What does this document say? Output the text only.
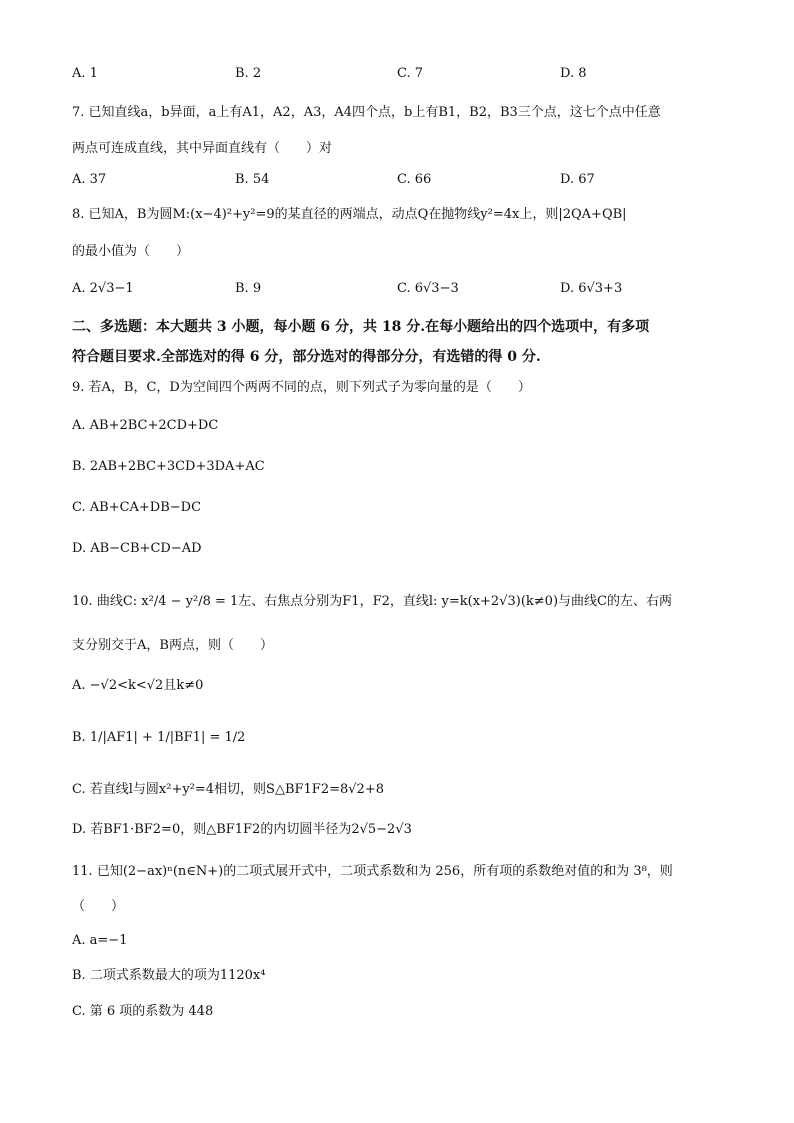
A. 1	B. 2	C. 7	D. 8
7. 已知直线a，b异面，a上有A1，A2，A3，A4四个点，b上有B1，B2，B3三个点，这七个点中任意
两点可连成直线，其中异面直线有（　　）对
A. 37	B. 54	C. 66	D. 67
8. 已知A，B为圆M:(x−4)²+y²=9的某直径的两端点，动点Q在抛物线y²=4x上，则|2QA+QB|
的最小值为（　　）
A. 2√3−1	B. 9	C. 6√3−3	D. 6√3+3
二、多选题：本大题共 3 小题，每小题 6 分，共 18 分.在每小题给出的四个选项中，有多项
符合题目要求.全部选对的得 6 分，部分选对的得部分分，有选错的得 0 分.
9. 若A，B，C，D为空间四个两两不同的点，则下列式子为零向量的是（　　）
A. AB+2BC+2CD+DC
B. 2AB+2BC+3CD+3DA+AC
C. AB+CA+DB−DC
D. AB−CB+CD−AD
10. 曲线C: x²/4 − y²/8 = 1左、右焦点分别为F1，F2，直线l: y=k(x+2√3)(k≠0)与曲线C的左、右两
支分别交于A，B两点，则（　　）
A. −√2<k<√2且k≠0
B. 1/|AF1| + 1/|BF1| = 1/2
C. 若直线l与圆x²+y²=4相切，则S△BF1F2=8√2+8
D. 若BF1·BF2=0，则△BF1F2的内切圆半径为2√5−2√3
11. 已知(2−ax)ⁿ(n∈N+)的二项式展开式中，二项式系数和为 256，所有项的系数绝对值的和为 3⁸，则
（　　）
A. a=−1
B. 二项式系数最大的项为1120x⁴
C. 第 6 项的系数为 448
